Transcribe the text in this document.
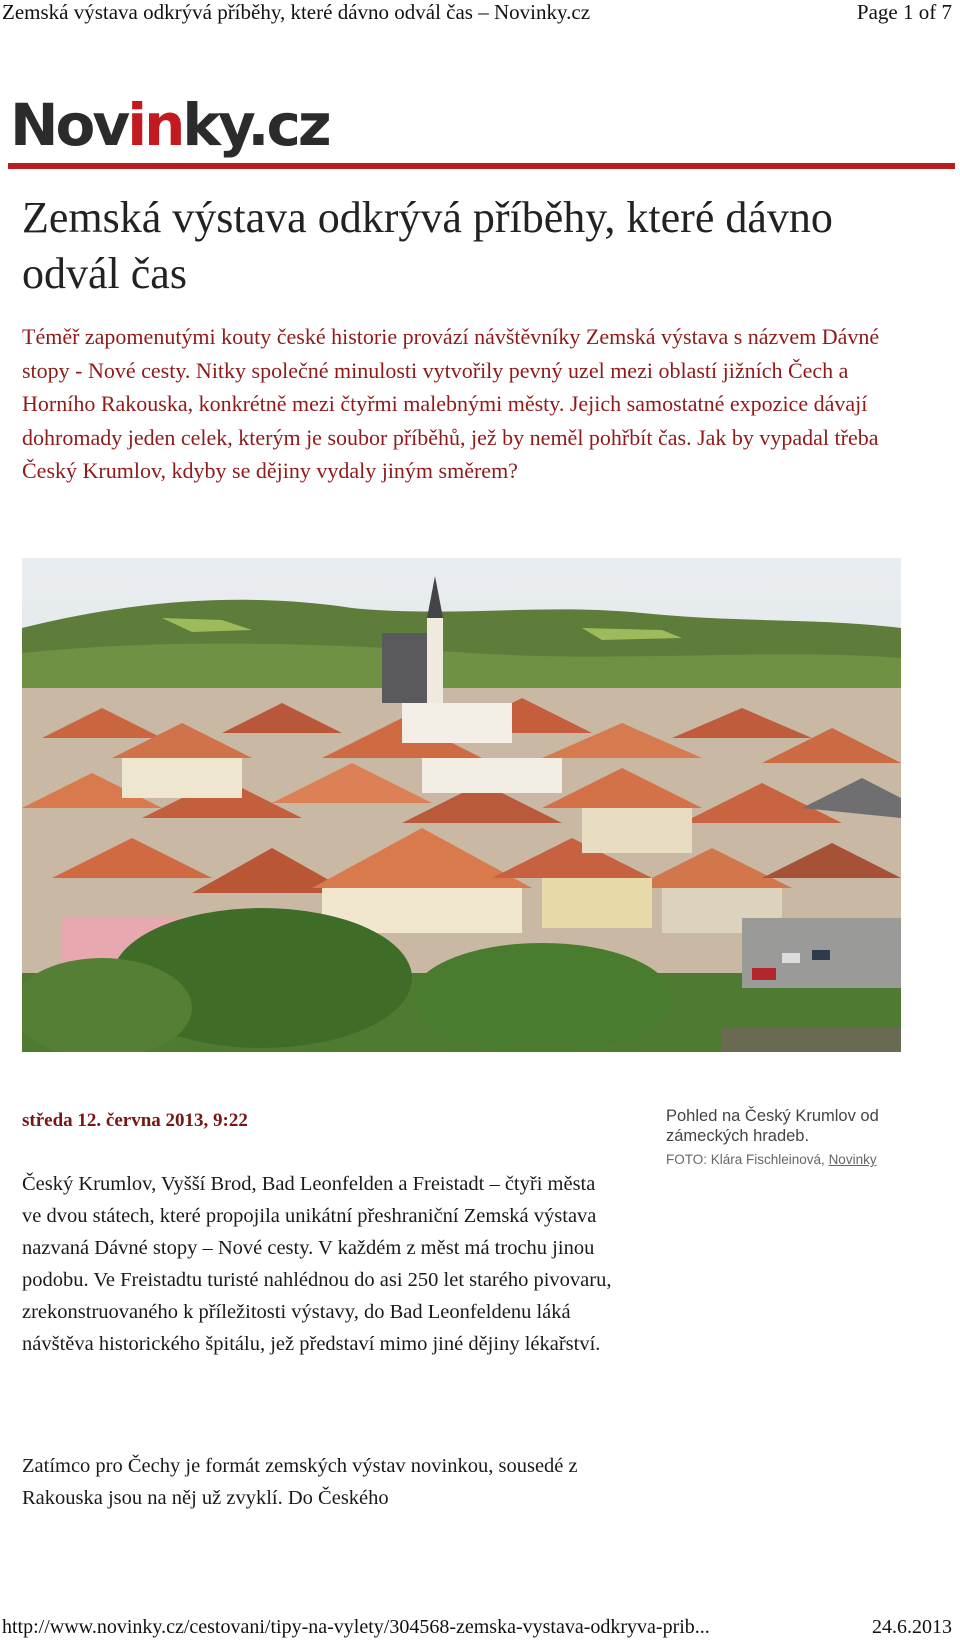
Zemská výstava odkrývá příběhy, které dávno odvál čas – Novinky.cz	Page 1 of 7
Novinky.cz
Zemská výstava odkrývá příběhy, které dávno odvál čas

Téměř zapomenutými kouty české historie provází návštěvníky Zemská výstava s názvem Dávné stopy - Nové cesty. Nitky společné minulosti vytvořily pevný uzel mezi oblastí jižních Čech a Horního Rakouska, konkrétně mezi čtyřmi malebnými městy. Jejich samostatné expozice dávají dohromady jeden celek, kterým je soubor příběhů, jež by neměl pohřbít čas. Jak by vypadal třeba Český Krumlov, kdyby se dějiny vydaly jiným směrem?

středa 12. června 2013, 9:22	Pohled na Český Krumlov od zámeckých hradeb.
FOTO: Klára Fischleinová, Novinky

Český Krumlov, Vyšší Brod, Bad Leonfelden a Freistadt – čtyři města ve dvou státech, které propojila unikátní přeshraniční Zemská výstava nazvaná Dávné stopy – Nové cesty. V každém z měst má trochu jinou podobu. Ve Freistadtu turisté nahlédnou do asi 250 let starého pivovaru, zrekonstruovaného k příležitosti výstavy, do Bad Leonfeldenu láká návštěva historického špitálu, jež představí mimo jiné dějiny lékařství.

Zatímco pro Čechy je formát zemských výstav novinkou, sousedé z Rakouska jsou na něj už zvyklí. Do Českého

http://www.novinky.cz/cestovani/tipy-na-vylety/304568-zemska-vystava-odkryva-prib...	24.6.2013
